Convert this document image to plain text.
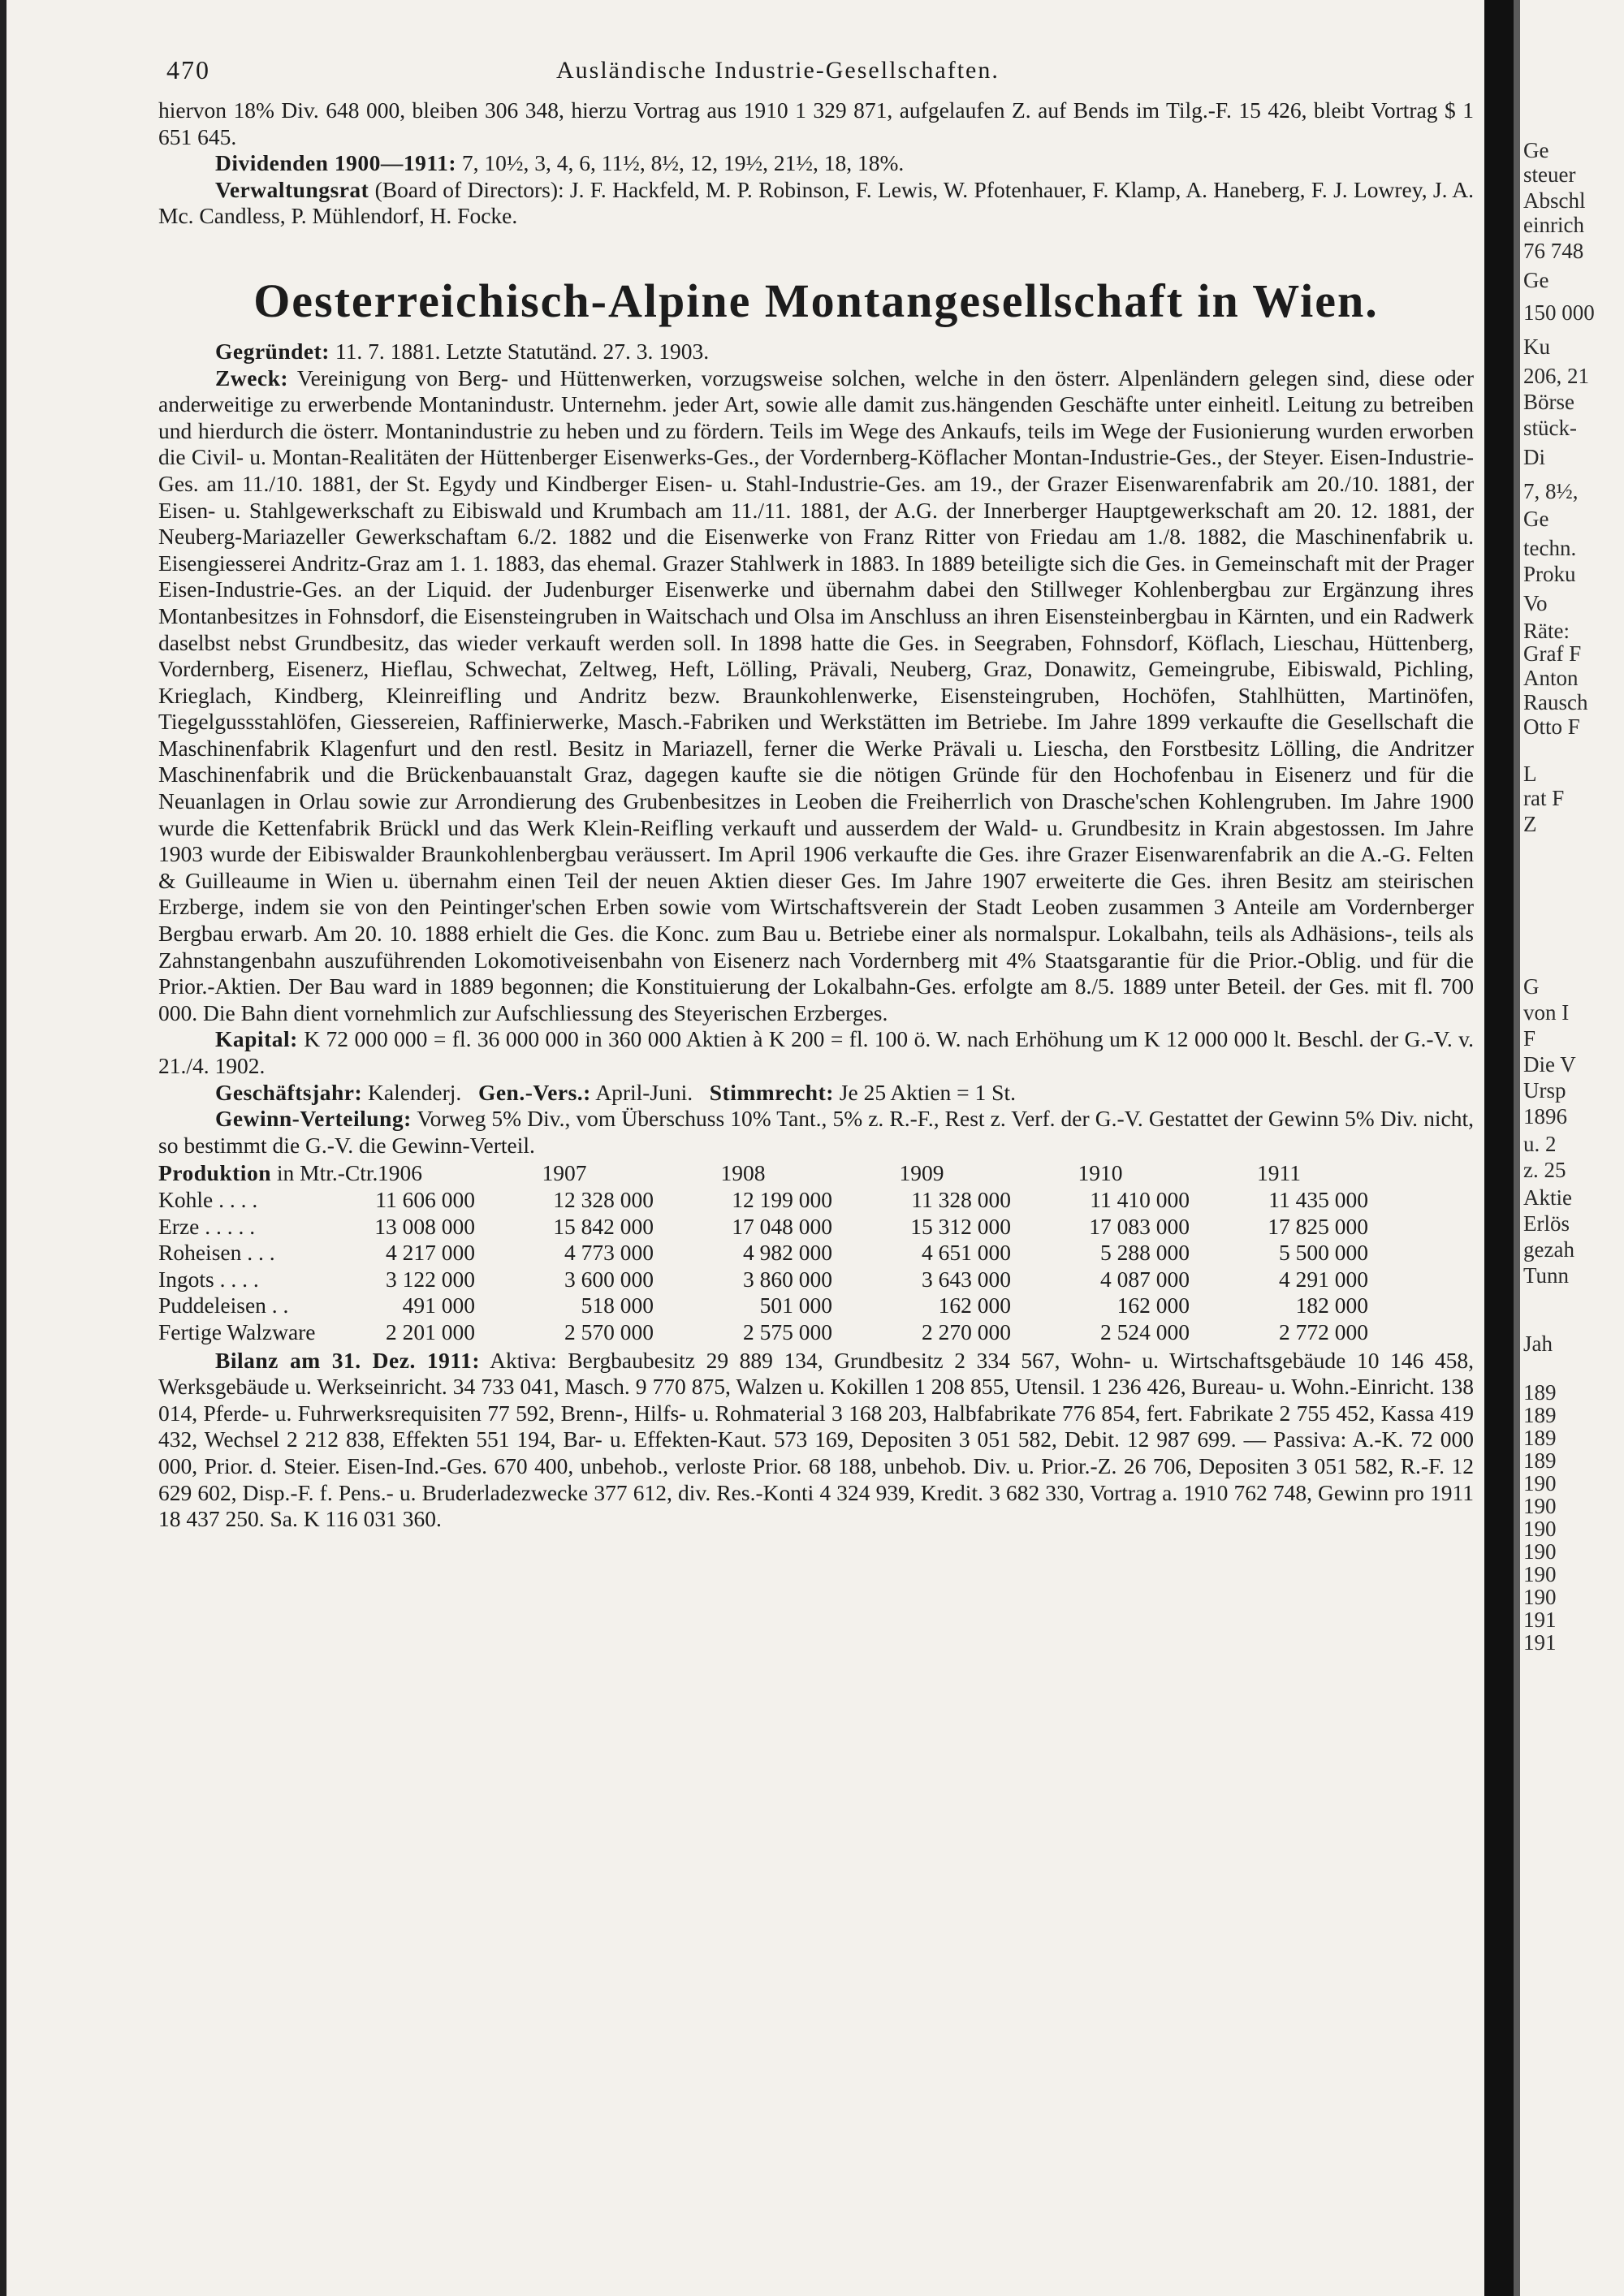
470	Ausländische Industrie-Gesellschaften.

hiervon 18% Div. 648 000, bleiben 306 348, hierzu Vortrag aus 1910 1 329 871, aufgelaufen Z. auf Bends im Tilg.-F. 15 426, bleibt Vortrag $ 1 651 645.

Dividenden 1900—1911: 7, 10½, 3, 4, 6, 11½, 8½, 12, 19½, 21½, 18, 18%.

Verwaltungsrat (Board of Directors): J. F. Hackfeld, M. P. Robinson, F. Lewis, W. Pfotenhauer, F. Klamp, A. Haneberg, F. J. Lowrey, J. A. Mc. Candless, P. Mühlendorf, H. Focke.

Oesterreichisch-Alpine Montangesellschaft in Wien.

Gegründet: 11. 7. 1881. Letzte Statutänd. 27. 3. 1903.

Zweck: Vereinigung von Berg- und Hüttenwerken, vorzugsweise solchen, welche in den österr. Alpenländern gelegen sind, diese oder anderweitige zu erwerbende Montanindustr. Unternehm. jeder Art, sowie alle damit zus.hängenden Geschäfte unter einheitl. Leitung zu betreiben und hierdurch die österr. Montanindustrie zu heben und zu fördern. Teils im Wege des Ankaufs, teils im Wege der Fusionierung wurden erworben die Civil- u. Montan-Realitäten der Hüttenberger Eisenwerks-Ges., der Vordernberg-Köflacher Montan-Industrie-Ges., der Steyer. Eisen-Industrie-Ges. am 11./10. 1881, der St. Egydy und Kindberger Eisen- u. Stahl-Industrie-Ges. am 19., der Grazer Eisenwarenfabrik am 20./10. 1881, der Eisen- u. Stahlgewerkschaft zu Eibiswald und Krumbach am 11./11. 1881, der A.G. der Innerberger Hauptgewerkschaft am 20. 12. 1881, der Neuberg-Mariazeller Gewerkschaftam 6./2. 1882 und die Eisenwerke von Franz Ritter von Friedau am 1./8. 1882, die Maschinenfabrik u. Eisengiesserei Andritz-Graz am 1. 1. 1883, das ehemal. Grazer Stahlwerk in 1883. In 1889 beteiligte sich die Ges. in Gemeinschaft mit der Prager Eisen-Industrie-Ges. an der Liquid. der Judenburger Eisenwerke und übernahm dabei den Stillweger Kohlenbergbau zur Ergänzung ihres Montanbesitzes in Fohnsdorf, die Eisensteingruben in Waitschach und Olsa im Anschluss an ihren Eisensteinbergbau in Kärnten, und ein Radwerk daselbst nebst Grundbesitz, das wieder verkauft werden soll. In 1898 hatte die Ges. in Seegraben, Fohnsdorf, Köflach, Lieschau, Hüttenberg, Vordernberg, Eisenerz, Hieflau, Schwechat, Zeltweg, Heft, Lölling, Prävali, Neuberg, Graz, Donawitz, Gemeingrube, Eibiswald, Pichling, Krieglach, Kindberg, Kleinreifling und Andritz bezw. Braunkohlenwerke, Eisensteingruben, Hochöfen, Stahlhütten, Martinöfen, Tiegelgussstahlöfen, Giessereien, Raffinierwerke, Masch.-Fabriken und Werkstätten im Betriebe. Im Jahre 1899 verkaufte die Gesellschaft die Maschinenfabrik Klagenfurt und den restl. Besitz in Mariazell, ferner die Werke Prävali u. Liescha, den Forstbesitz Lölling, die Andritzer Maschinenfabrik und die Brückenbauanstalt Graz, dagegen kaufte sie die nötigen Gründe für den Hochofenbau in Eisenerz und für die Neuanlagen in Orlau sowie zur Arrondierung des Grubenbesitzes in Leoben die Freiherrlich von Drasche'schen Kohlengruben. Im Jahre 1900 wurde die Kettenfabrik Brückl und das Werk Klein-Reifling verkauft und ausserdem der Wald- u. Grundbesitz in Krain abgestossen. Im Jahre 1903 wurde der Eibiswalder Braunkohlenbergbau veräussert. Im April 1906 verkaufte die Ges. ihre Grazer Eisenwarenfabrik an die A.-G. Felten & Guilleaume in Wien u. übernahm einen Teil der neuen Aktien dieser Ges. Im Jahre 1907 erweiterte die Ges. ihren Besitz am steirischen Erzberge, indem sie von den Peintinger'schen Erben sowie vom Wirtschaftsverein der Stadt Leoben zusammen 3 Anteile am Vordernberger Bergbau erwarb. Am 20. 10. 1888 erhielt die Ges. die Konc. zum Bau u. Betriebe einer als normalspur. Lokalbahn, teils als Adhäsions-, teils als Zahnstangenbahn auszuführenden Lokomotiveisenbahn von Eisenerz nach Vordernberg mit 4% Staatsgarantie für die Prior.-Oblig. und für die Prior.-Aktien. Der Bau ward in 1889 begonnen; die Konstituierung der Lokalbahn-Ges. erfolgte am 8./5. 1889 unter Beteil. der Ges. mit fl. 700 000. Die Bahn dient vornehmlich zur Aufschliessung des Steyerischen Erzberges.

Kapital: K 72 000 000 = fl. 36 000 000 in 360 000 Aktien à K 200 = fl. 100 ö. W. nach Erhöhung um K 12 000 000 lt. Beschl. der G.-V. v. 21./4. 1902.

Geschäftsjahr: Kalenderj. Gen.-Vers.: April-Juni. Stimmrecht: Je 25 Aktien = 1 St.

Gewinn-Verteilung: Vorweg 5% Div., vom Überschuss 10% Tant., 5% z. R.-F., Rest z. Verf. der G.-V. Gestattet der Gewinn 5% Div. nicht, so bestimmt die G.-V. die Gewinn-Verteil.

Produktion in Mtr.-Ctr. 1906	1907	1908	1909	1910	1911
Kohle . . . .	11 606 000	12 328 000	12 199 000	11 328 000	11 410 000	11 435 000
Erze . . . . .	13 008 000	15 842 000	17 048 000	15 312 000	17 083 000	17 825 000
Roheisen . . .	4 217 000	4 773 000	4 982 000	4 651 000	5 288 000	5 500 000
Ingots . . . .	3 122 000	3 600 000	3 860 000	3 643 000	4 087 000	4 291 000
Puddeleisen . .	491 000	518 000	501 000	162 000	162 000	182 000
Fertige Walzware	2 201 000	2 570 000	2 575 000	2 270 000	2 524 000	2 772 000

Bilanz am 31. Dez. 1911: Aktiva: Bergbaubesitz 29 889 134, Grundbesitz 2 334 567, Wohn- u. Wirtschaftsgebäude 10 146 458, Werksgebäude u. Werkseinricht. 34 733 041, Masch. 9 770 875, Walzen u. Kokillen 1 208 855, Utensil. 1 236 426, Bureau- u. Wohn.-Einricht. 138 014, Pferde- u. Fuhrwerksrequisiten 77 592, Brenn-, Hilfs- u. Rohmaterial 3 168 203, Halbfabrikate 776 854, fert. Fabrikate 2 755 452, Kassa 419 432, Wechsel 2 212 838, Effekten 551 194, Bar- u. Effekten-Kaut. 573 169, Depositen 3 051 582, Debit. 12 987 699. — Passiva: A.-K. 72 000 000, Prior. d. Steier. Eisen-Ind.-Ges. 670 400, unbehob., verloste Prior. 68 188, unbehob. Div. u. Prior.-Z. 26 706, Depositen 3 051 582, R.-F. 12 629 602, Disp.-F. f. Pens.- u. Bruderladezwecke 377 612, div. Res.-Konti 4 324 939, Kredit. 3 682 330, Vortrag a. 1910 762 748, Gewinn pro 1911 18 437 250. Sa. K 116 031 360.

Ge
steuer
Abschl
einrich
76 748
Ge
150 000
Ku
206, 21
Börse
stück-
Di
7, 8½,
Ge
techn.
Proku
Vo
Räte:
Graf F
Anton
Rausch
Otto F
L
rat F
Z
G
von I
F
Die V
Ursp
1896
u. 2
z. 25
Aktie
Erlös
gezah
Tunn
Jah
189
189
189
189
190
190
190
190
190
190
191
191
